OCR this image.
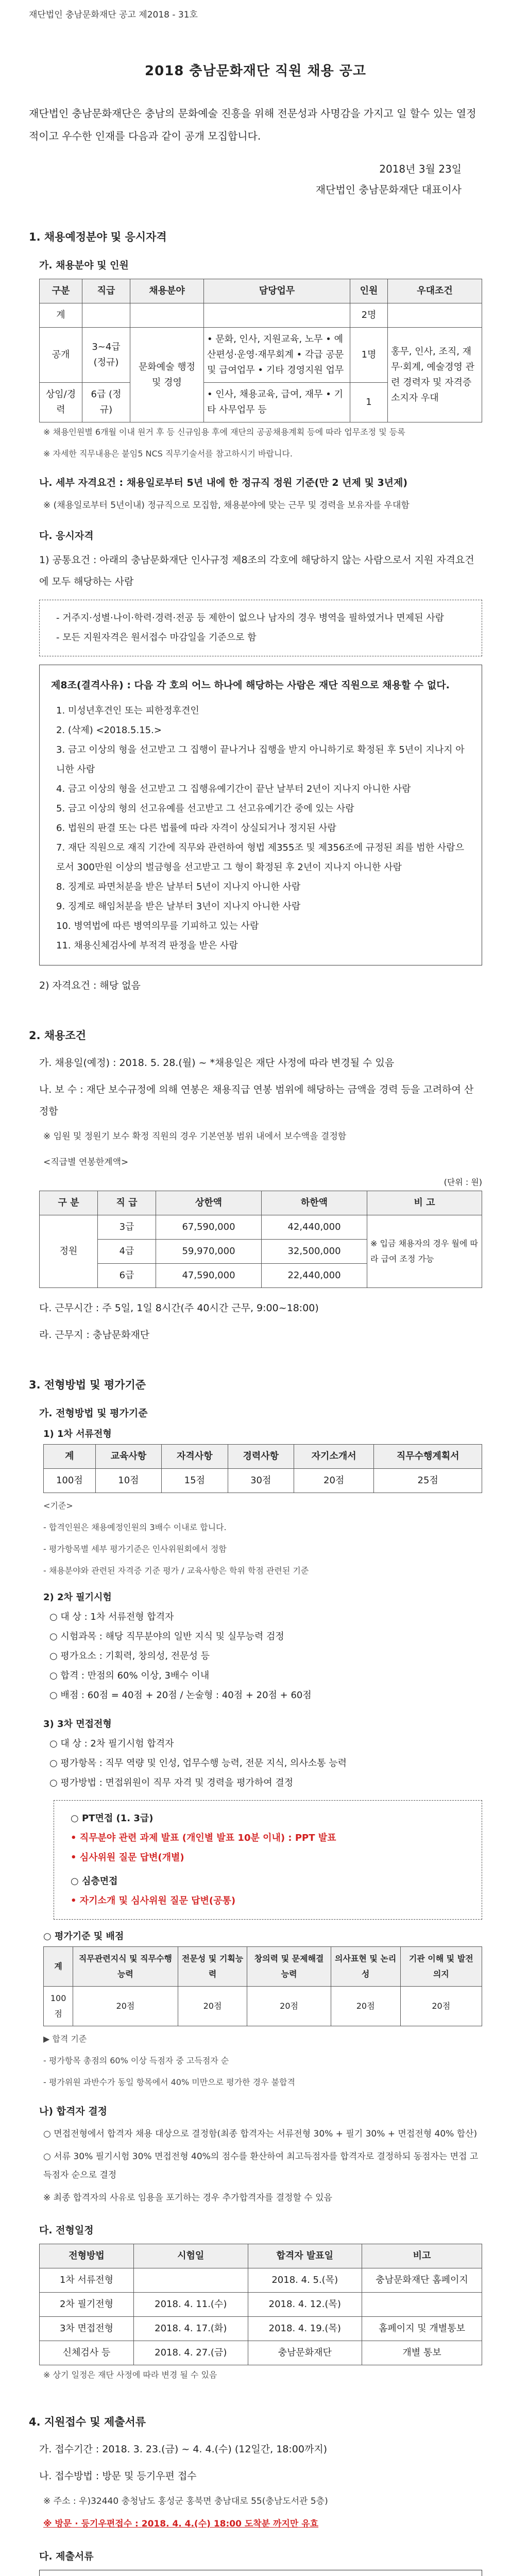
재단법인 충남문화재단 공고 제2018 - 31호
2018 충남문화재단 직원 채용 공고
재단법인 충남문화재단은 충남의 문화예술 진흥을 위해 전문성과 사명감을 가지고 일 할수 있는 열정적이고 우수한 인재를 다음과 같이 공개 모집합니다.
2018년 3월 23일
재단법인 충남문화재단 대표이사
1. 채용예정분야 및 응시자격
가. 채용분야 및 인원
구분	직급	채용분야	담당업무	인원	우대조건
계				2명	
공개	3~4급 (정규)	문화예술 행정 및 경영	• 문화, 인사, 지원교육, 노무 • 예산편성·운영·재무회계 • 각급 공문 및 급여업무 • 기타 경영지원 업무	1명	홍무, 인사, 조직, 재무·회계, 예술경영 관련 경력자 및 자격증 소지자 우대
상임/경력	6급 (정규)		• 인사, 채용교육, 급여, 재무 • 기타 사무업무 등	1	
※ 채용인원별 6개월 이내 원거 후 등 신규임용 후에 재단의 공공채용계획 등에 따라 업무조정 및 등록
※ 자세한 직무내용은 붙임5 NCS 직무기술서를 참고하시기 바랍니다.
나. 세부 자격요건 : 채용일로부터 5년 내에 한 정규직 정원 기준(만 2 년제 및 3년제)
※ (채용일로부터 5년이내) 정규직으로 모집함, 채용분야에 맞는 근무 및 경력을 보유자를 우대함
다. 응시자격
1) 공통요건 : 아래의 충남문화재단 인사규정 제8조의 각호에 해당하지 않는 사람으로서 지원 자격요건에 모두 해당하는 사람
- 거주지·성별·나이·학력·경력·전공 등 제한이 없으나 남자의 경우 병역을 필하였거나 면제된 사람
- 모든 지원자격은 원서접수 마감일을 기준으로 함
제8조(결격사유) : 다음 각 호의 어느 하나에 해당하는 사람은 재단 직원으로 채용할 수 없다.
1. 미성년후견인 또는 피한정후견인
2. (삭제) <2018.5.15.>
3. 금고 이상의 형을 선고받고 그 집행이 끝나거나 집행을 받지 아니하기로 확정된 후 5년이 지나지 아니한 사람
4. 금고 이상의 형을 선고받고 그 집행유예기간이 끝난 날부터 2년이 지나지 아니한 사람
5. 금고 이상의 형의 선고유예를 선고받고 그 선고유예기간 중에 있는 사람
6. 법원의 판결 또는 다른 법률에 따라 자격이 상실되거나 정지된 사람
7. 재단 직원으로 재직 기간에 직무와 관련하여 형법 제355조 및 제356조에 규정된 죄를 범한 사람으로서 300만원 이상의 벌금형을 선고받고 그 형이 확정된 후 2년이 지나지 아니한 사람
8. 징계로 파면처분을 받은 날부터 5년이 지나지 아니한 사람
9. 징계로 해임처분을 받은 날부터 3년이 지나지 아니한 사람
10. 병역법에 따른 병역의무를 기피하고 있는 사람
11. 채용신체검사에 부적격 판정을 받은 사람
2) 자격요건 : 해당 없음
2. 채용조건
가. 채용일(예정) : 2018. 5. 28.(월) ~ *채용일은 재단 사정에 따라 변경될 수 있음
나. 보 수 : 재단 보수규정에 의해 연봉은 채용직급 연봉 범위에 해당하는 금액을 경력 등을 고려하여 산정함
※ 임원 및 정원기 보수 확정 직원의 경우 기본연봉 범위 내에서 보수액을 결정함
<직급별 연봉한계액>
(단위 : 원)
구 분	직 급	상한액	하한액	비 고
정원	3급	67,590,000	42,440,000	※ 입금 채용자의 경우 월에 따라 급여 조정 가능
	4급	59,970,000	32,500,000	
	6급	47,590,000	22,440,000	
다. 근무시간 : 주 5일, 1일 8시간(주 40시간 근무, 9:00~18:00)
라. 근무지 : 충남문화재단
3. 전형방법 및 평가기준
가. 전형방법 및 평가기준
1) 1차 서류전형
계	교육사항	자격사항	경력사항	자기소개서	직무수행계획서
100점	10점	15점	30점	20점	25점
<기준>
- 합격인원은 채용예정인원의 3배수 이내로 합니다.
- 평가항목별 세부 평가기준은 인사위원회에서 정함
- 채용분야와 관련된 자격증 기준 평가 / 교육사항은 학위 학점 관련된 기준
2) 2차 필기시험
○ 대 상 : 1차 서류전형 합격자
○ 시험과목 : 해당 직무분야의 일반 지식 및 실무능력 검정
○ 평가요소 : 기획력, 창의성, 전문성 등
○ 합격 : 만점의 60% 이상, 3배수 이내
○ 배점 : 60점 = 40점 + 20점 / 논술형 : 40점 + 20점 + 60점
3) 3차 면접전형
○ 대 상 : 2차 필기시험 합격자
○ 평가항목 : 직무 역량 및 인성, 업무수행 능력, 전문 지식, 의사소통 능력
○ 평가방법 : 면접위원이 직무 자격 및 경력을 평가하여 결정
○ PT면접 (1. 3급)
• 직무분야 관련 과제 발표 (개인별 발표 10분 이내) : PPT 발표
• 심사위원 질문 답변(개별)
○ 심층면접
• 자기소개 및 심사위원 질문 답변(공통)
○ 평가기준 및 배점
계	직무관련지식 및 직무수행능력	전문성 및 기획능력	창의력 및 문제해결능력	의사표현 및 논리성	기관 이해 및 발전 의지
100점	20점	20점	20점	20점	20점
▶ 합격 기준
- 평가항목 총점의 60% 이상 득점자 중 고득점자 순
- 평가위원 과반수가 동일 항목에서 40% 미만으로 평가한 경우 불합격
나) 합격자 결정
○ 면접전형에서 합격자 채용 대상으로 결정함(최종 합격자는 서류전형 30% + 필기 30% + 면접전형 40% 합산)
○ 서류 30% 필기시험 30% 면접전형 40%의 점수를 환산하여 최고득점자를 합격자로 결정하되 동점자는 면접 고득점자 순으로 결정
※ 최종 합격자의 사유로 임용을 포기하는 경우 추가합격자를 결정할 수 있음
다. 전형일정
전형방법	시험일	합격자 발표일	비고
1차 서류전형		2018. 4. 5.(목)	충남문화재단 홈페이지
2차 필기전형	2018. 4. 11.(수)	2018. 4. 12.(목)	
3차 면접전형	2018. 4. 17.(화)	2018. 4. 19.(목)	홈페이지 및 개별통보
신체검사 등	2018. 4. 27.(금)	충남문화재단	개별 통보
※ 상기 일정은 재단 사정에 따라 변경 될 수 있음
4. 지원접수 및 제출서류
가. 접수기간 : 2018. 3. 23.(금) ~ 4. 4.(수) (12일간, 18:00까지)
나. 접수방법 : 방문 및 등기우편 접수
※ 주소 : 우)32440 충청남도 홍성군 홍북면 충남대로 55(충남도서관 5층)
※ 방문 · 등기우편접수 : 2018. 4. 4.(수) 18:00 도착분 까지만 유효
다. 제출서류
